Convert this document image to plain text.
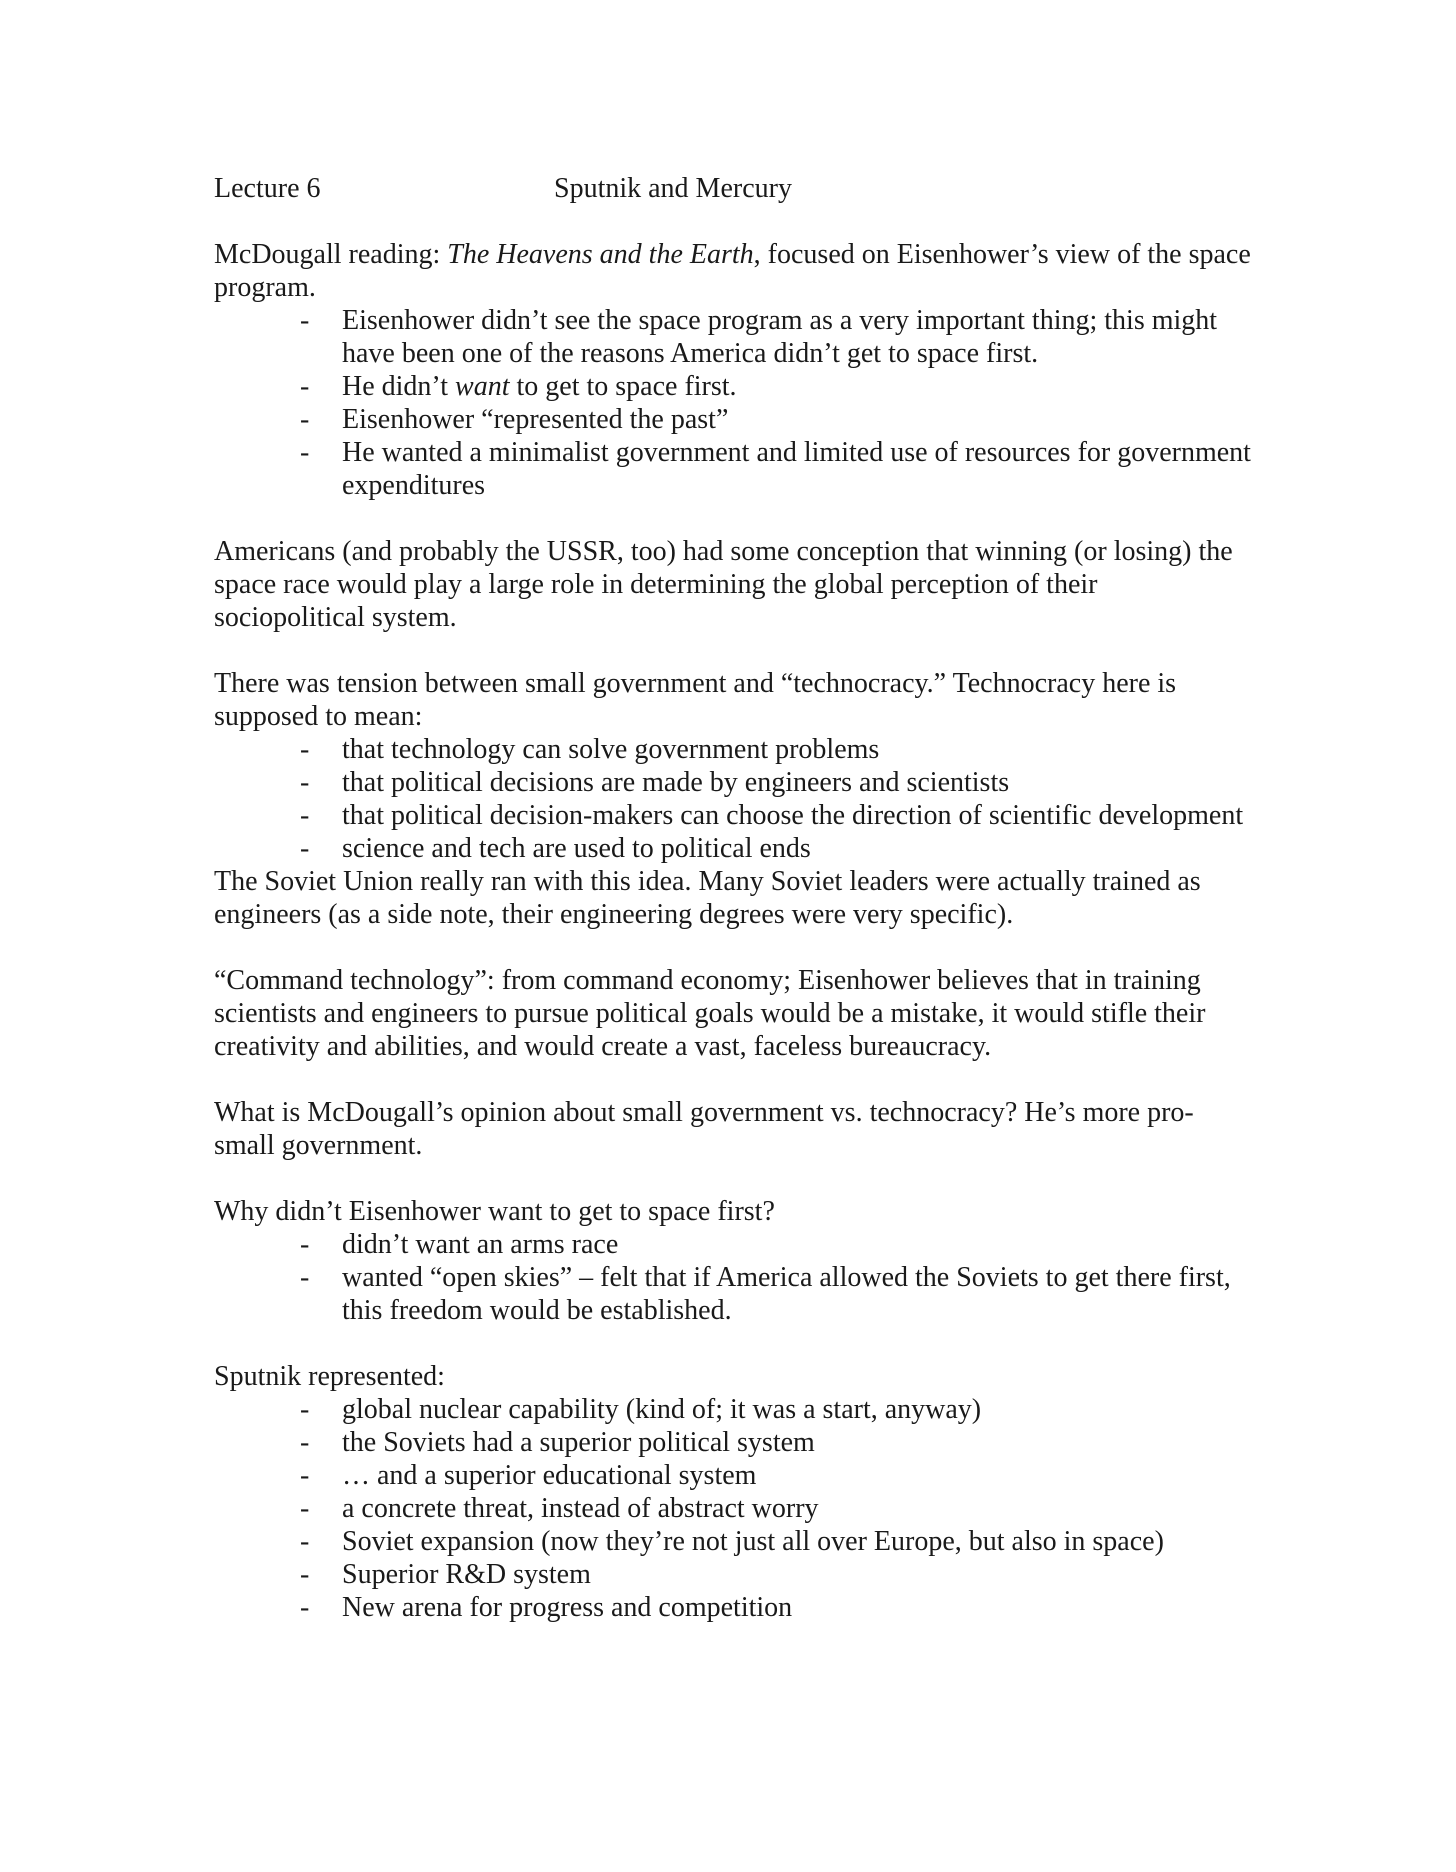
Lecture 6	Sputnik and Mercury

McDougall reading: The Heavens and the Earth, focused on Eisenhower’s view of the space program.

- Eisenhower didn’t see the space program as a very important thing; this might have been one of the reasons America didn’t get to space first.
- He didn’t want to get to space first.
- Eisenhower “represented the past”
- He wanted a minimalist government and limited use of resources for government expenditures

Americans (and probably the USSR, too) had some conception that winning (or losing) the space race would play a large role in determining the global perception of their sociopolitical system.

There was tension between small government and “technocracy.” Technocracy here is supposed to mean:

- that technology can solve government problems
- that political decisions are made by engineers and scientists
- that political decision-makers can choose the direction of scientific development
- science and tech are used to political ends

The Soviet Union really ran with this idea. Many Soviet leaders were actually trained as engineers (as a side note, their engineering degrees were very specific).

“Command technology”: from command economy; Eisenhower believes that in training scientists and engineers to pursue political goals would be a mistake, it would stifle their creativity and abilities, and would create a vast, faceless bureaucracy.

What is McDougall’s opinion about small government vs. technocracy? He’s more pro-small government.

Why didn’t Eisenhower want to get to space first?

- didn’t want an arms race
- wanted “open skies” – felt that if America allowed the Soviets to get there first, this freedom would be established.

Sputnik represented:

- global nuclear capability (kind of; it was a start, anyway)
- the Soviets had a superior political system
- … and a superior educational system
- a concrete threat, instead of abstract worry
- Soviet expansion (now they’re not just all over Europe, but also in space)
- Superior R&D system
- New arena for progress and competition
